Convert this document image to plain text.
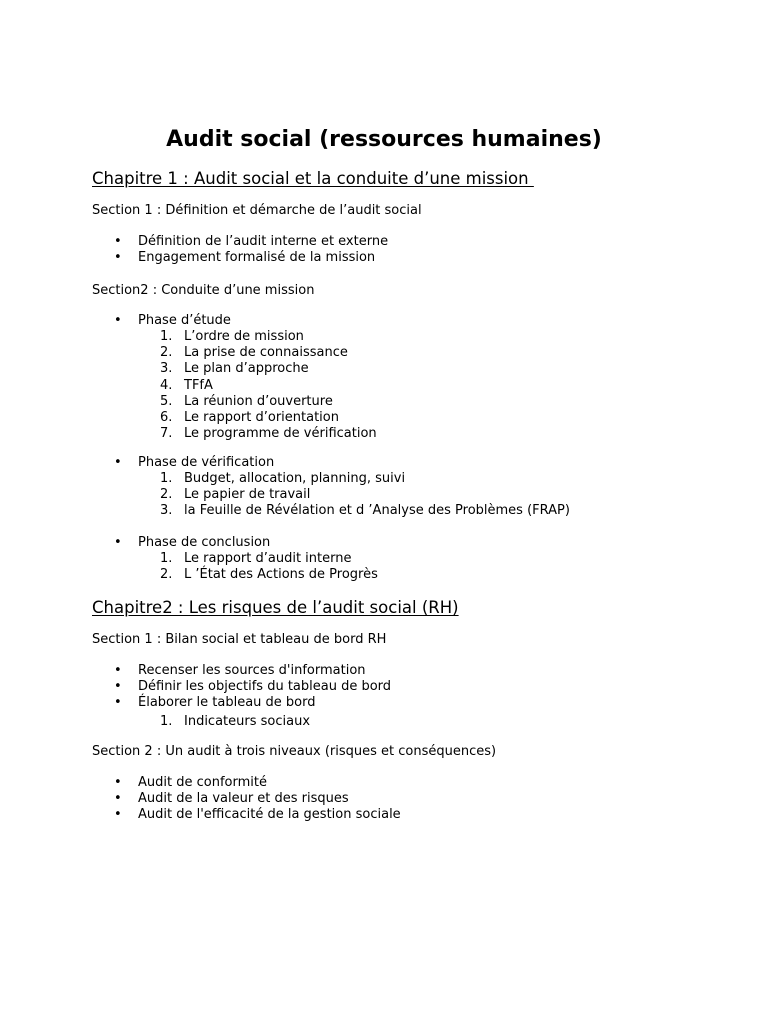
Audit social (ressources humaines)
Chapitre 1 : Audit social et la conduite d’une mission
Section 1 : Définition et démarche de l’audit social
• Définition de l’audit interne et externe
• Engagement formalisé de la mission
Section2 : Conduite d’une mission
• Phase d’étude
1. L’ordre de mission
2. La prise de connaissance
3. Le plan d’approche
4. TFfA
5. La réunion d’ouverture
6. Le rapport d’orientation
7. Le programme de vérification
• Phase de vérification
1. Budget, allocation, planning, suivi
2. Le papier de travail
3. la Feuille de Révélation et d ’Analyse des Problèmes (FRAP)
• Phase de conclusion
1. Le rapport d’audit interne
2. L ’État des Actions de Progrès
Chapitre2 : Les risques de l’audit social (RH)
Section 1 : Bilan social et tableau de bord RH
• Recenser les sources d'information
• Définir les objectifs du tableau de bord
• Élaborer le tableau de bord
1. Indicateurs sociaux
Section 2 : Un audit à trois niveaux (risques et conséquences)
• Audit de conformité
• Audit de la valeur et des risques
• Audit de l'efficacité de la gestion sociale
